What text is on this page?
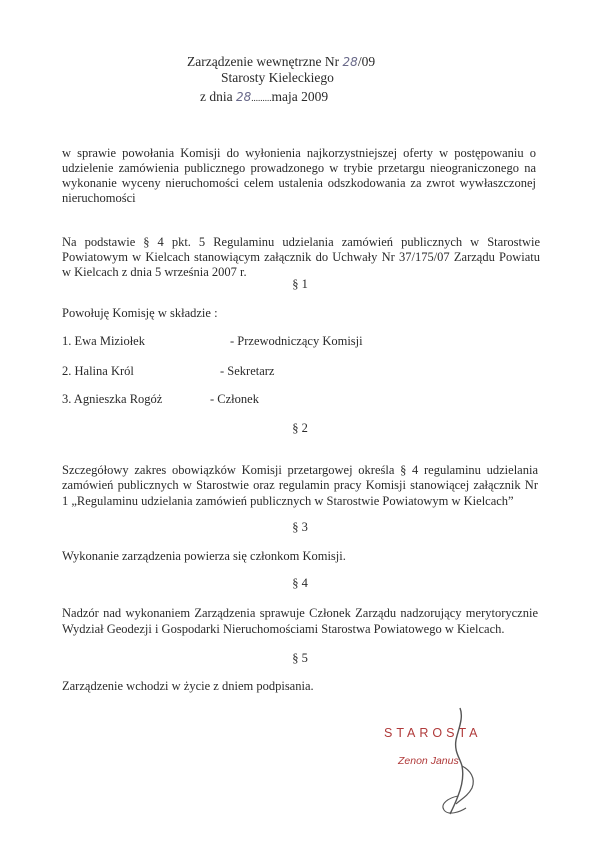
Zarządzenie wewnętrzne Nr 28/09
Starosty Kieleckiego
z dnia 28.........maja 2009
w sprawie powołania Komisji do wyłonienia najkorzystniejszej oferty w postępowaniu o
udzielenie zamówienia publicznego prowadzonego w trybie przetargu nieograniczonego na
wykonanie wyceny nieruchomości celem ustalenia odszkodowania za zwrot wywłaszczonej
nieruchomości
Na podstawie § 4 pkt. 5 Regulaminu udzielania zamówień publicznych w Starostwie
Powiatowym w Kielcach stanowiącym załącznik do Uchwały Nr 37/175/07 Zarządu Powiatu
w Kielcach z dnia 5 września 2007 r.
§ 1
Powołuję Komisję w składzie :
1. Ewa Miziołek	- Przewodniczący Komisji
2. Halina Król	- Sekretarz
3. Agnieszka Rogóż	- Członek
§ 2
Szczegółowy zakres obowiązków Komisji przetargowej określa § 4 regulaminu udzielania
zamówień publicznych w Starostwie oraz regulamin pracy Komisji stanowiącej załącznik Nr
1 „Regulaminu udzielania zamówień publicznych w Starostwie Powiatowym w Kielcach”
§ 3
Wykonanie zarządzenia powierza się członkom Komisji.
§ 4
Nadzór nad wykonaniem Zarządzenia sprawuje Członek Zarządu nadzorujący merytorycznie
Wydział Geodezji i Gospodarki Nieruchomościami Starostwa Powiatowego w Kielcach.
§ 5
Zarządzenie wchodzi w życie z dniem podpisania.
STAROSTA
Zenon Janus
